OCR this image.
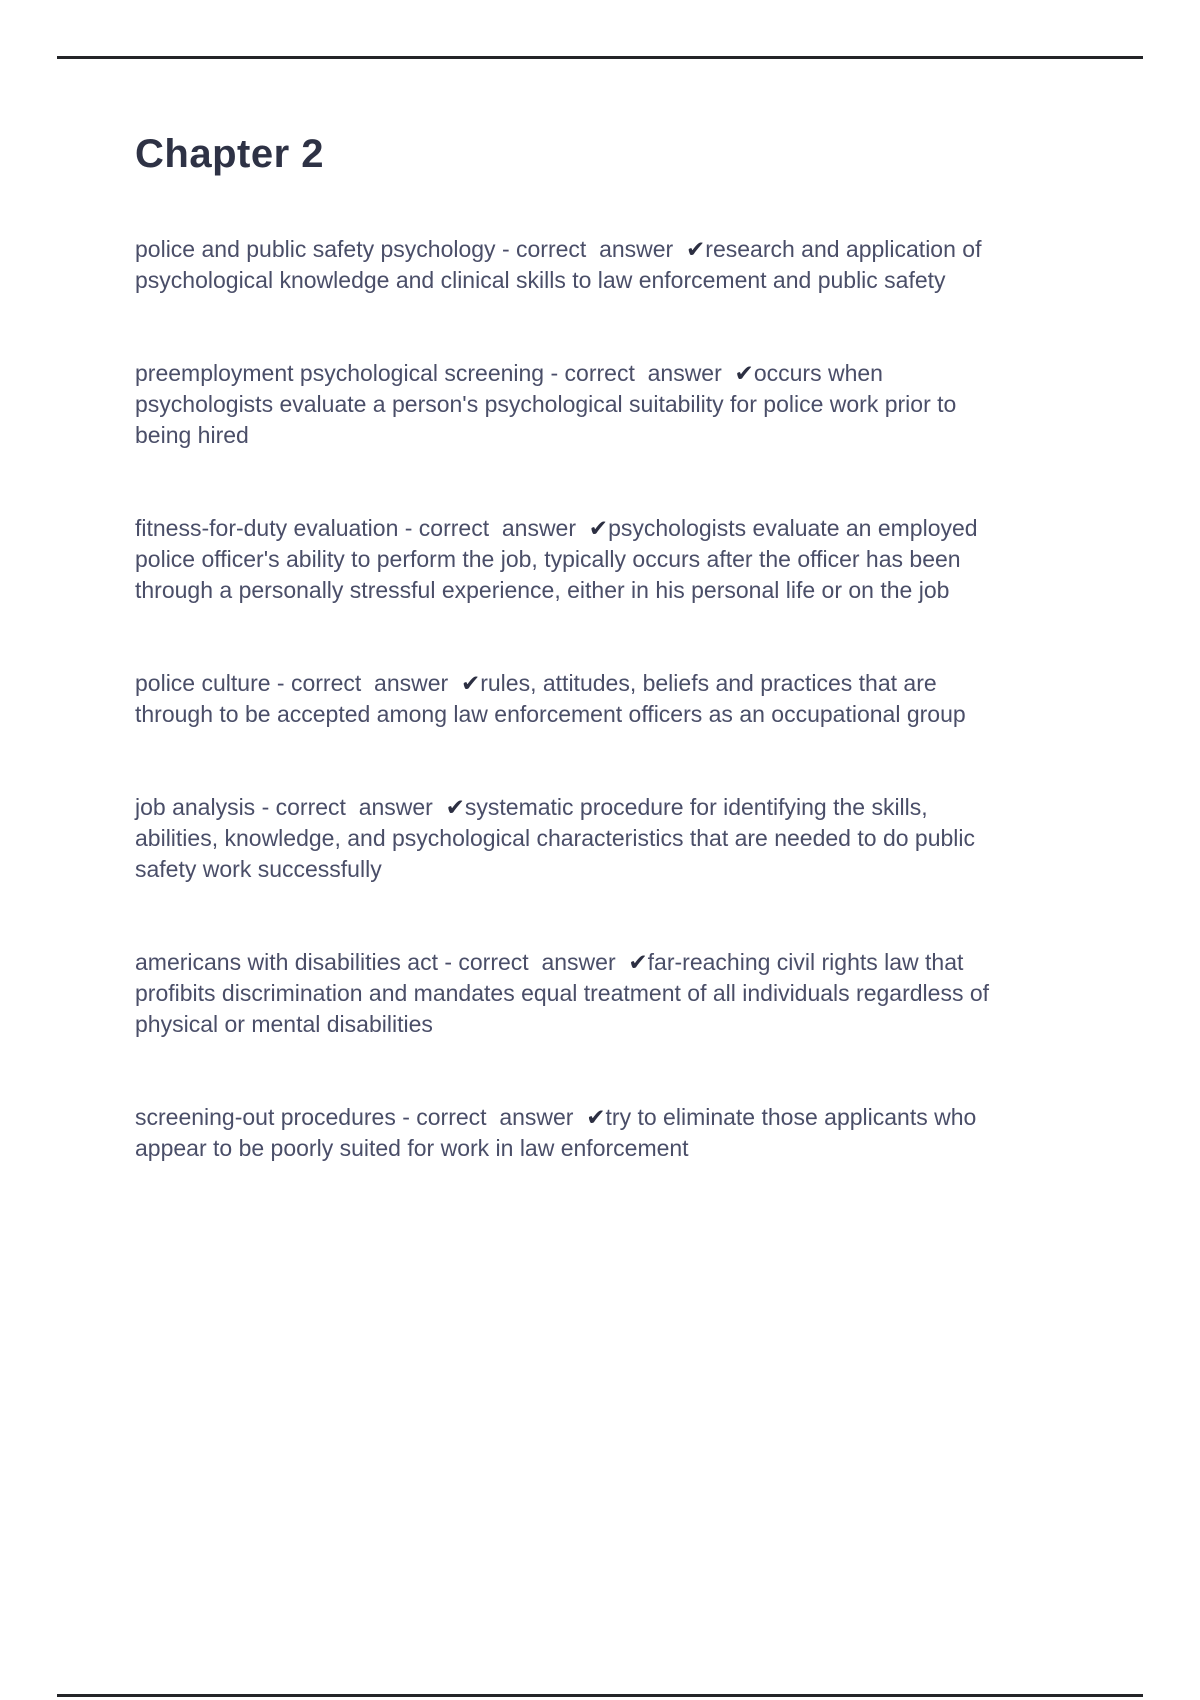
Chapter 2

police and public safety psychology - correct  answer  ✔research and application of psychological knowledge and clinical skills to law enforcement and public safety

preemployment psychological screening - correct  answer  ✔occurs when psychologists evaluate a person's psychological suitability for police work prior to being hired

fitness-for-duty evaluation - correct  answer  ✔psychologists evaluate an employed police officer's ability to perform the job, typically occurs after the officer has been through a personally stressful experience, either in his personal life or on the job

police culture - correct  answer  ✔rules, attitudes, beliefs and practices that are through to be accepted among law enforcement officers as an occupational group

job analysis - correct  answer  ✔systematic procedure for identifying the skills, abilities, knowledge, and psychological characteristics that are needed to do public safety work successfully

americans with disabilities act - correct  answer  ✔far-reaching civil rights law that profibits discrimination and mandates equal treatment of all individuals regardless of physical or mental disabilities

screening-out procedures - correct  answer  ✔try to eliminate those applicants who appear to be poorly suited for work in law enforcement
